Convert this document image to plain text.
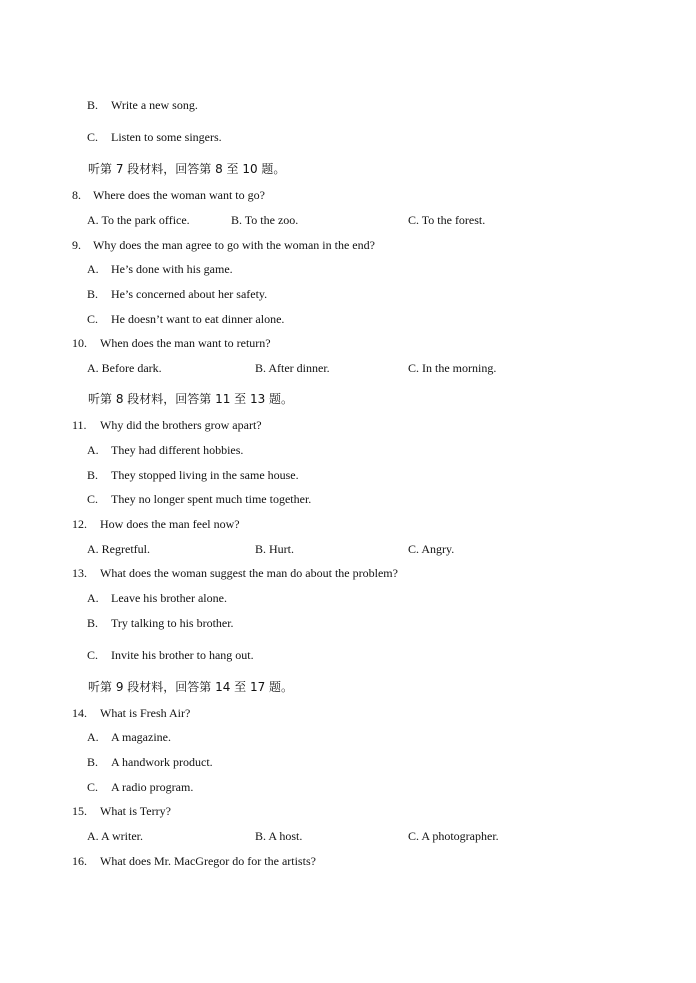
B. Write a new song.
C. Listen to some singers.
听第 7 段材料，回答第 8 至 10 题。
8. Where does the woman want to go?
A. To the park office.	B. To the zoo.	C. To the forest.
9. Why does the man agree to go with the woman in the end?
A. He’s done with his game.
B. He’s concerned about her safety.
C. He doesn’t want to eat dinner alone.
10. When does the man want to return?
A. Before dark.	B. After dinner.	C. In the morning.
听第 8 段材料，回答第 11 至 13 题。
11. Why did the brothers grow apart?
A. They had different hobbies.
B. They stopped living in the same house.
C. They no longer spent much time together.
12. How does the man feel now?
A. Regretful.	B. Hurt.	C. Angry.
13. What does the woman suggest the man do about the problem?
A. Leave his brother alone.
B. Try talking to his brother.
C. Invite his brother to hang out.
听第 9 段材料，回答第 14 至 17 题。
14. What is Fresh Air?
A. A magazine.
B. A handwork product.
C. A radio program.
15. What is Terry?
A. A writer.	B. A host.	C. A photographer.
16. What does Mr. MacGregor do for the artists?
